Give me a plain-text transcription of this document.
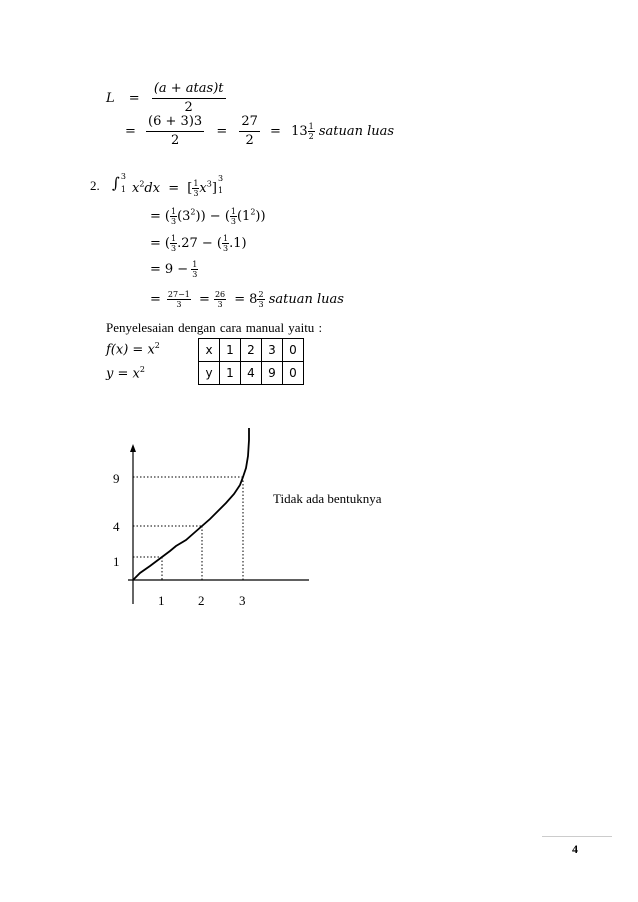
$L = \frac{\text{(a + atas)t}}{2}$
= $\frac{(6 + 3)3}{2} = \frac{27}{2} = 13 \frac{1}{2}$ satuan luas
2. ∫ 3
1 $x^2dx$ = [ $\frac{1}{3} x^3$]
3
1
= ( $\frac{1}{3} (3^2)$) − ( $\frac{1}{3} (1^2)$)
= ( $\frac{1}{3} .27$ − ( $\frac{1}{3} .1$)
= $9 - \frac{1}{3}$
= $\frac{27-1}{3} = \frac{26}{3} = 8 \frac{2}{3}$ satuan luas
Penyelesaian dengan cara manual yaitu :
$f(x) = x^2$
$y = x^2$
x	1	2	3	0
y	1	4	9	0
9
4
1
1	2	3
Tidak ada bentuknya
4
